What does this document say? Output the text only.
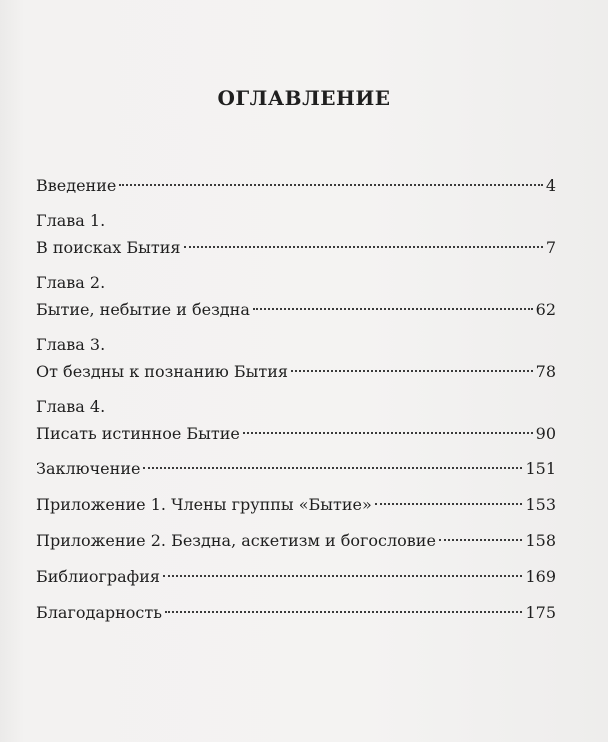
ОГЛАВЛЕНИЕ
Введение	4
Глава 1.
В поисках Бытия	7
Глава 2.
Бытие, небытие и бездна	62
Глава 3.
От бездны к познанию Бытия	78
Глава 4.
Писать истинное Бытие	90
Заключение	151
Приложение 1. Члены группы «Бытие»	153
Приложение 2. Бездна, аскетизм и богословие	158
Библиография	169
Благодарность	175
